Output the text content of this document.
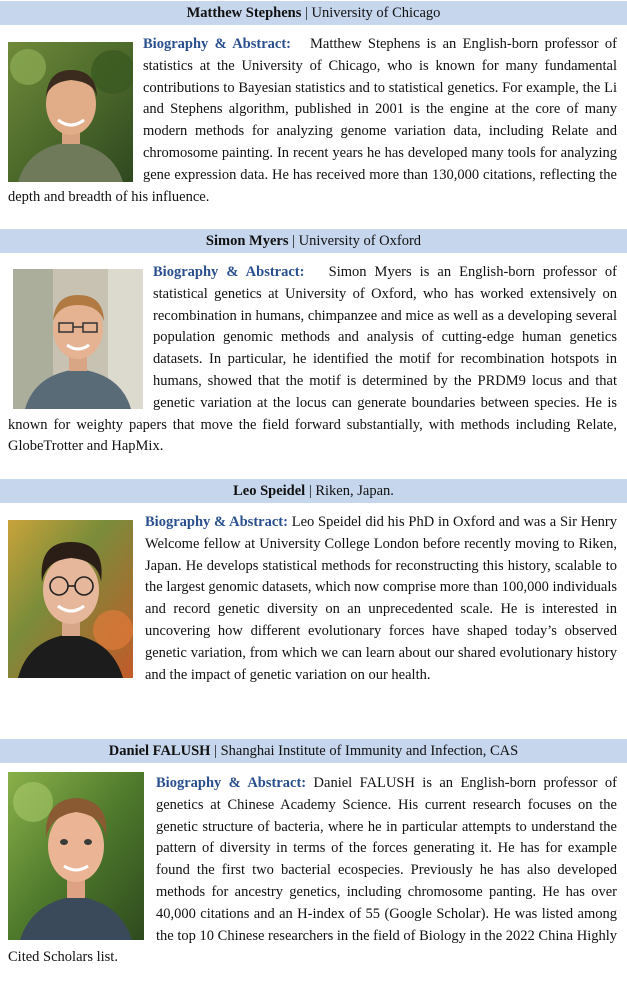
Matthew Stephens | University of Chicago

Biography & Abstract: Matthew Stephens is an English-born professor of statistics at the University of Chicago, who is known for many fundamental contributions to Bayesian statistics and to statistical genetics. For example, the Li and Stephens algorithm, published in 2001 is the engine at the core of many modern methods for analyzing genome variation data, including Relate and chromosome painting. In recent years he has developed many tools for analyzing gene expression data. He has received more than 130,000 citations, reflecting the depth and breadth of his influence.

Simon Myers | University of Oxford

Biography & Abstract: Simon Myers is an English-born professor of statistical genetics at University of Oxford, who has worked extensively on recombination in humans, chimpanzee and mice as well as a developing several population genomic methods and analysis of cutting-edge human genetics datasets. In particular, he identified the motif for recombination hotspots in humans, showed that the motif is determined by the PRDM9 locus and that genetic variation at the locus can generate boundaries between species. He is known for weighty papers that move the field forward substantially, with methods including Relate, GlobeTrotter and HapMix.

Leo Speidel | Riken, Japan.

Biography & Abstract: Leo Speidel did his PhD in Oxford and was a Sir Henry Welcome fellow at University College London before recently moving to Riken, Japan. He develops statistical methods for reconstructing this history, scalable to the largest genomic datasets, which now comprise more than 100,000 individuals and record genetic diversity on an unprecedented scale. He is interested in uncovering how different evolutionary forces have shaped today’s observed genetic variation, from which we can learn about our shared evolutionary history and the impact of genetic variation on our health.

Daniel FALUSH | Shanghai Institute of Immunity and Infection, CAS

Biography & Abstract: Daniel FALUSH is an English-born professor of genetics at Chinese Academy Science. His current research focuses on the genetic structure of bacteria, where he in particular attempts to understand the pattern of diversity in terms of the forces generating it. He has for example found the first two bacterial ecospecies. Previously he has also developed methods for ancestry genetics, including chromosome panting. He has over 40,000 citations and an H-index of 55 (Google Scholar). He was listed among the top 10 Chinese researchers in the field of Biology in the 2022 China Highly Cited Scholars list.
